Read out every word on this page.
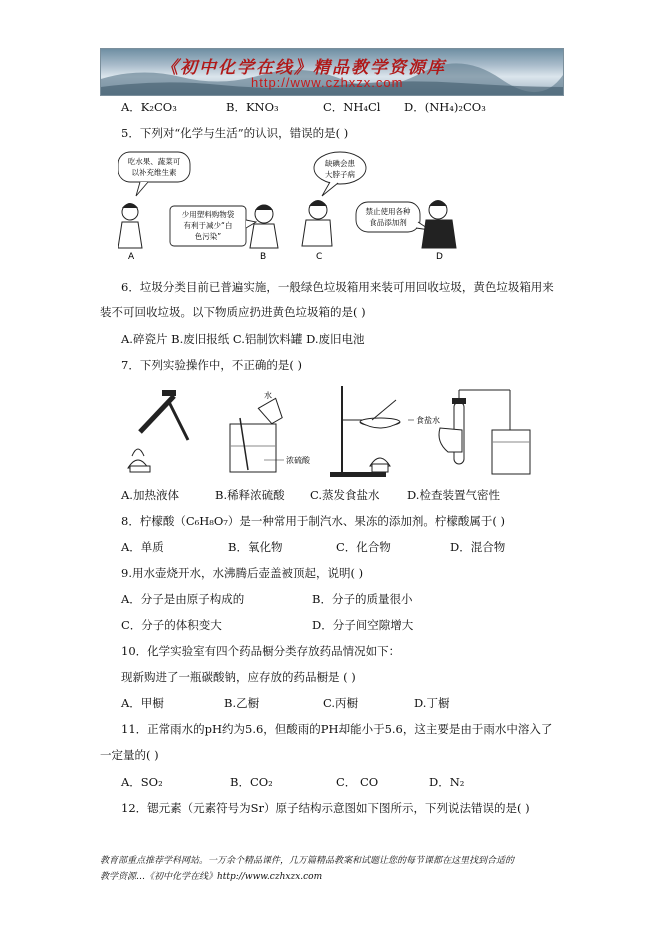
《初中化学在线》精品教学资源库
http://www.czhxzx.com
A．K₂CO₃	B．KNO₃	C．NH₄Cl D．(NH₄)₂CO₃
5．下列对“化学与生活”的认识，错误的是( )
吃水果、蔬菜可
以补充维生素
A
少用塑料购物袋
有利于减少“白
色污染”
B
缺碘会患
大脖子病
C
禁止使用各种
食品添加剂
D
6．垃圾分类目前已普遍实施，一般绿色垃圾箱用来装可用回收垃圾，黄色垃圾箱用来
装不可回收垃圾。以下物质应扔进黄色垃圾箱的是( )
A.碎瓷片 B.废旧报纸 C.铝制饮料罐 D.废旧电池
7．下列实验操作中，不正确的是( )
水
浓硫酸
食盐水
A.加热液体	B.稀释浓硫酸 C.蒸发食盐水 D.检查装置气密性
8．柠檬酸（C₆H₈O₇）是一种常用于制汽水、果冻的添加剂。柠檬酸属于( )
A．单质	B．氧化物	C．化合物	D．混合物
9.用水壶烧开水，水沸腾后壶盖被顶起，说明( )
A．分子是由原子构成的	B．分子的质量很小
C．分子的体积变大	D．分子间空隙增大
10．化学实验室有四个药品橱分类存放药品情况如下：
现新购进了一瓶碳酸钠，应存放的药品橱是 ( )
A．甲橱	B.乙橱	C.丙橱	D.丁橱
11．正常雨水的pH约为5.6，但酸雨的PH却能小于5.6，这主要是由于雨水中溶入了
一定量的( )
A．SO₂	B．CO₂	C． CO	D．N₂
12．锶元素（元素符号为Sr）原子结构示意图如下图所示，下列说法错误的是( )
教育部重点推荐学科网站。一万余个精品课件，几万篇精品教案和试题让您的每节课都在这里找到合适的
教学资源…《初中化学在线》http://www.czhxzx.com
